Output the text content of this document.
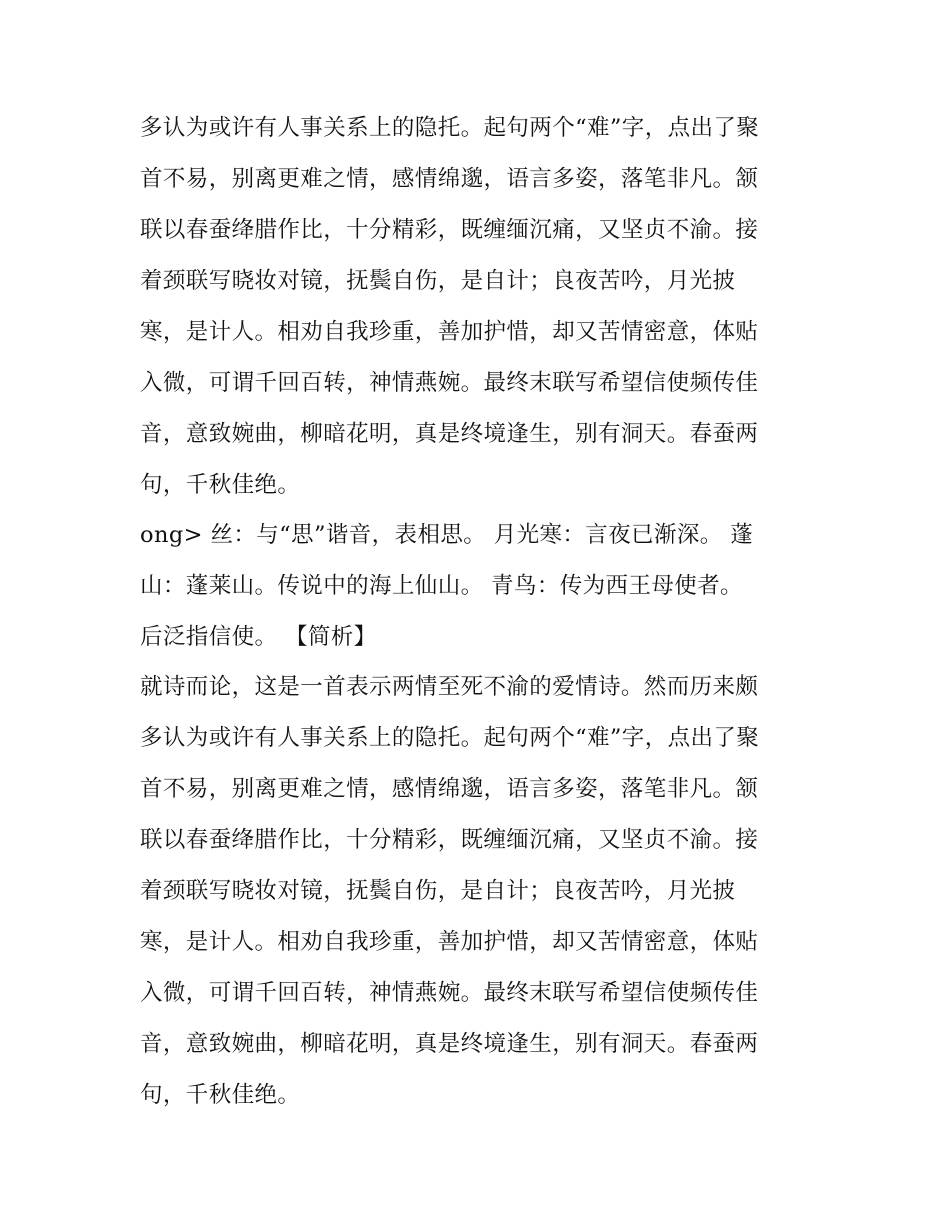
多认为或许有人事关系上的隐托。起句两个“难”字，点出了聚
首不易，别离更难之情，感情绵邈，语言多姿，落笔非凡。颔
联以春蚕绛腊作比，十分精彩，既缠缅沉痛，又坚贞不渝。接
着颈联写晓妆对镜，抚鬓自伤，是自计；良夜苦吟，月光披
寒，是计人。相劝自我珍重，善加护惜，却又苦情密意，体贴
入微，可谓千回百转，神情燕婉。最终末联写希望信使频传佳
音，意致婉曲，柳暗花明，真是终境逢生，别有洞天。春蚕两
句，千秋佳绝。
ong> 丝：与“思”谐音，表相思。 月光寒：言夜已渐深。 蓬
山：蓬莱山。传说中的海上仙山。 青鸟：传为西王母使者。
后泛指信使。 【简析】
就诗而论，这是一首表示两情至死不渝的爱情诗。然而历来颇
多认为或许有人事关系上的隐托。起句两个“难”字，点出了聚
首不易，别离更难之情，感情绵邈，语言多姿，落笔非凡。颔
联以春蚕绛腊作比，十分精彩，既缠缅沉痛，又坚贞不渝。接
着颈联写晓妆对镜，抚鬓自伤，是自计；良夜苦吟，月光披
寒，是计人。相劝自我珍重，善加护惜，却又苦情密意，体贴
入微，可谓千回百转，神情燕婉。最终末联写希望信使频传佳
音，意致婉曲，柳暗花明，真是终境逢生，别有洞天。春蚕两
句，千秋佳绝。
